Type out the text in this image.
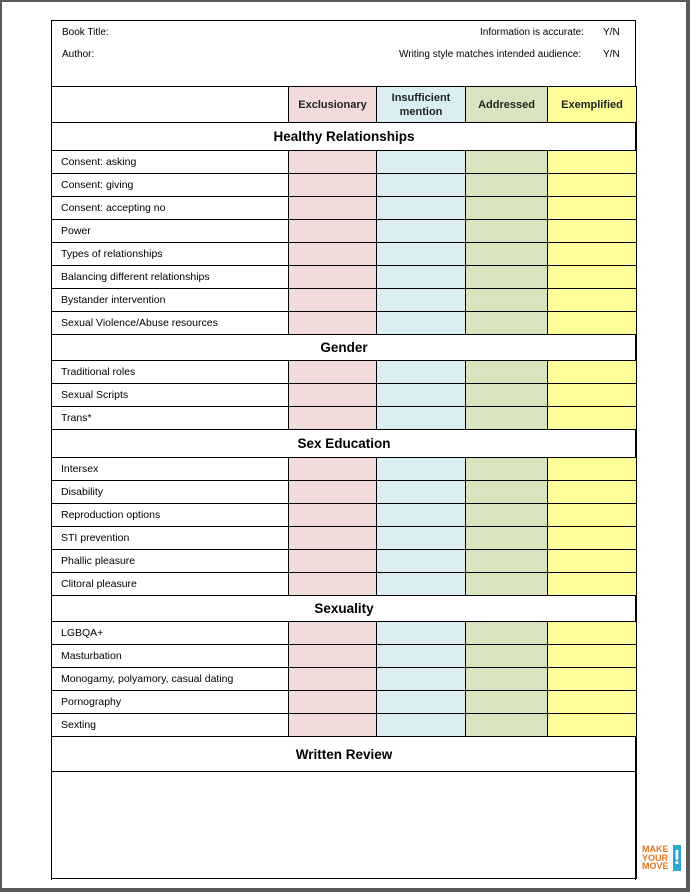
Book Title:
Author:
Information is accurate: Y/N
Writing style matches intended audience: Y/N
Exclusionary
Insufficient mention
Addressed	Exemplified
Healthy Relationships
Consent: asking
Consent: giving
Consent: accepting no
Power
Types of relationships
Balancing different relationships
Bystander intervention
Sexual Violence/Abuse resources
Gender
Traditional roles
Sexual Scripts
Trans*
Sex Education
Intersex
Disability
Reproduction options
STI prevention
Phallic pleasure
Clitoral pleasure
Sexuality
LGBQA+
Masturbation
Monogamy, polyamory, casual dating
Pornography
Sexting
Written Review
MAKE
YOUR
MOVE !
